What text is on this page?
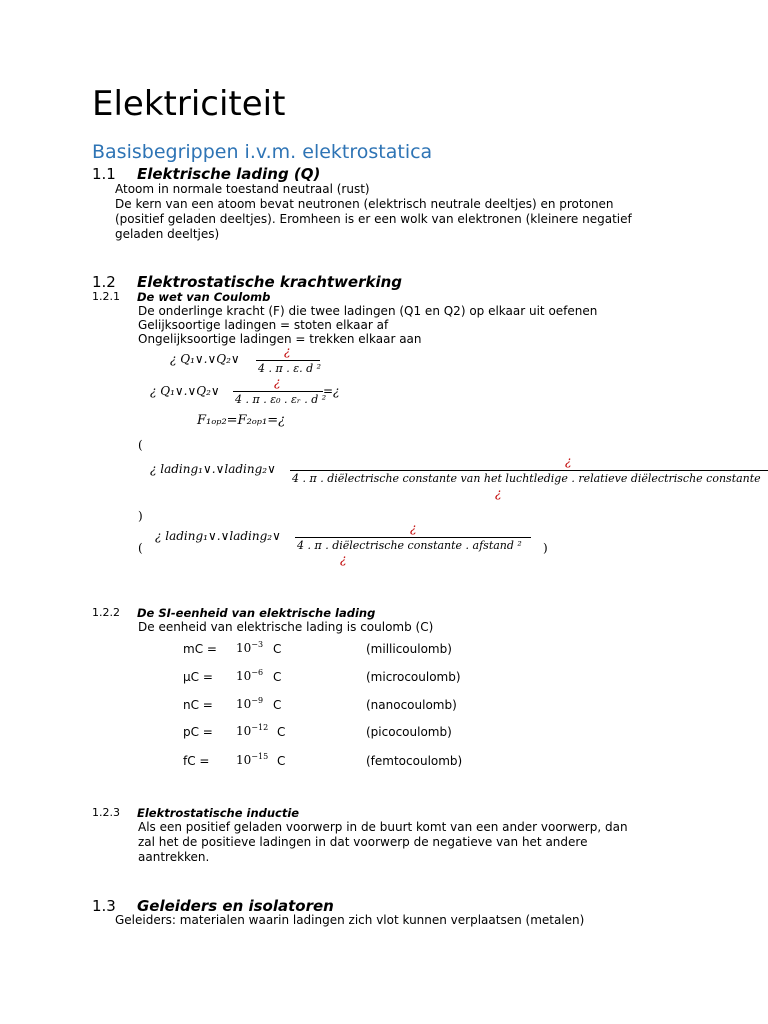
Elektriciteit
Basisbegrippen i.v.m. elektrostatica
1.1 Elektrische lading (Q)
Atoom in normale toestand neutraal (rust)
De kern van een atoom bevat neutronen (elektrisch neutrale deeltjes) en protonen
(positief geladen deeltjes). Eromheen is er een wolk van elektronen (kleinere negatief
geladen deeltjes)
1.2 Elektrostatische krachtwerking
1.2.1 De wet van Coulomb
De onderlinge kracht (F) die twee ladingen (Q1 en Q2) op elkaar uit oefenen
Gelijksoortige ladingen = stoten elkaar af
Ongelijksoortige ladingen = trekken elkaar aan
¿ Q₁∨.∨Q₂∨
¿
4 . π . ε. d ²
¿ Q₁∨.∨Q₂∨
¿
4 . π . ε₀ . εᵣ . d ²
=¿
F₁ₒₚ₂=F₂ₒₚ₁=¿
(
¿ lading₁∨.∨lading₂∨
¿
4 . π . diëlectrische constante van het luchtledige . relatieve diëlectrische constante
¿
)
¿ lading₁∨.∨lading₂∨
¿
4 . π . diëlectrische constante . afstand ²
(	)
¿
1.2.2 De SI-eenheid van elektrische lading
De eenheid van elektrische lading is coulomb (C)
mC = $10^{-3}$ C	(millicoulomb)
$\mu C = 10^{-6}$ C	(microcoulomb)
nC = $10^{-9}$ C	(nanocoulomb)
pC = $10^{-12}$ C	(picocoulomb)
fC = $10^{-15}$ C	(femtocoulomb)
1.2.3 Elektrostatische inductie
Als een positief geladen voorwerp in de buurt komt van een ander voorwerp, dan
zal het de positieve ladingen in dat voorwerp de negatieve van het andere
aantrekken.
1.3 Geleiders en isolatoren
Geleiders: materialen waarin ladingen zich vlot kunnen verplaatsen (metalen)
